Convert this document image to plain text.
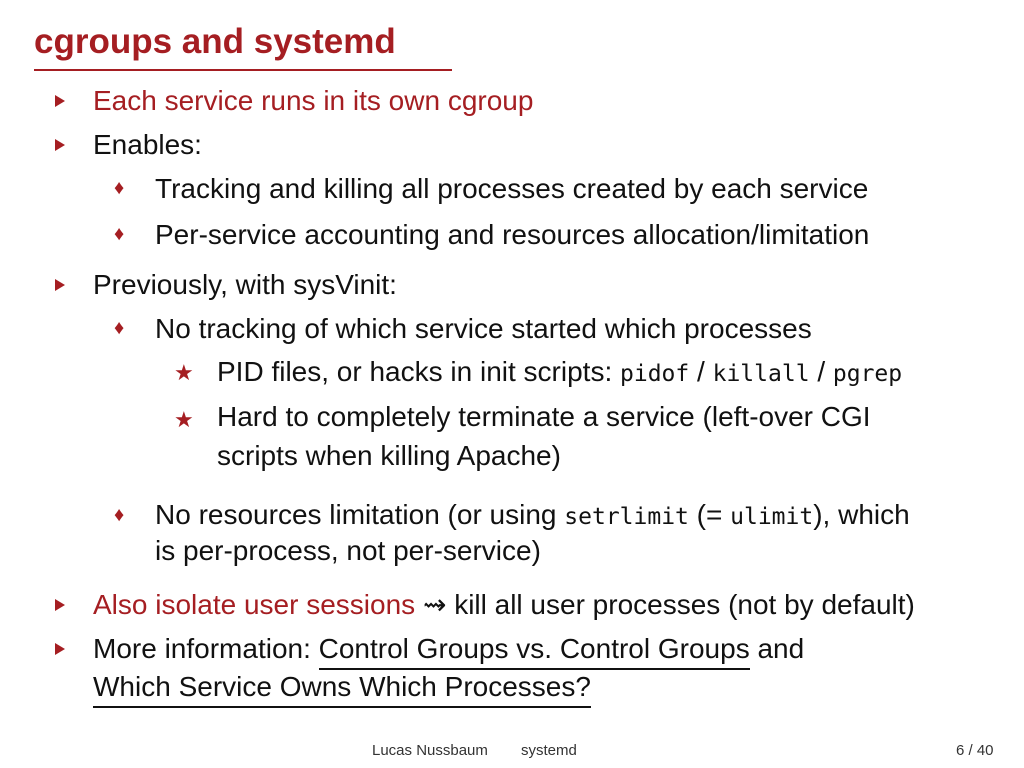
cgroups and systemd
Each service runs in its own cgroup
Enables:
♦ Tracking and killing all processes created by each service
♦ Per-service accounting and resources allocation/limitation
Previously, with sysVinit:
♦ No tracking of which service started which processes
★ PID files, or hacks in init scripts: pidof / killall / pgrep
★ Hard to completely terminate a service (left-over CGI
scripts when killing Apache)
♦ No resources limitation (or using setrlimit (= ulimit), which
is per-process, not per-service)
Also isolate user sessions ⇝ kill all user processes (not by default)
More information: Control Groups vs. Control Groups and
Which Service Owns Which Processes?
Lucas Nussbaum systemd	6 / 40
